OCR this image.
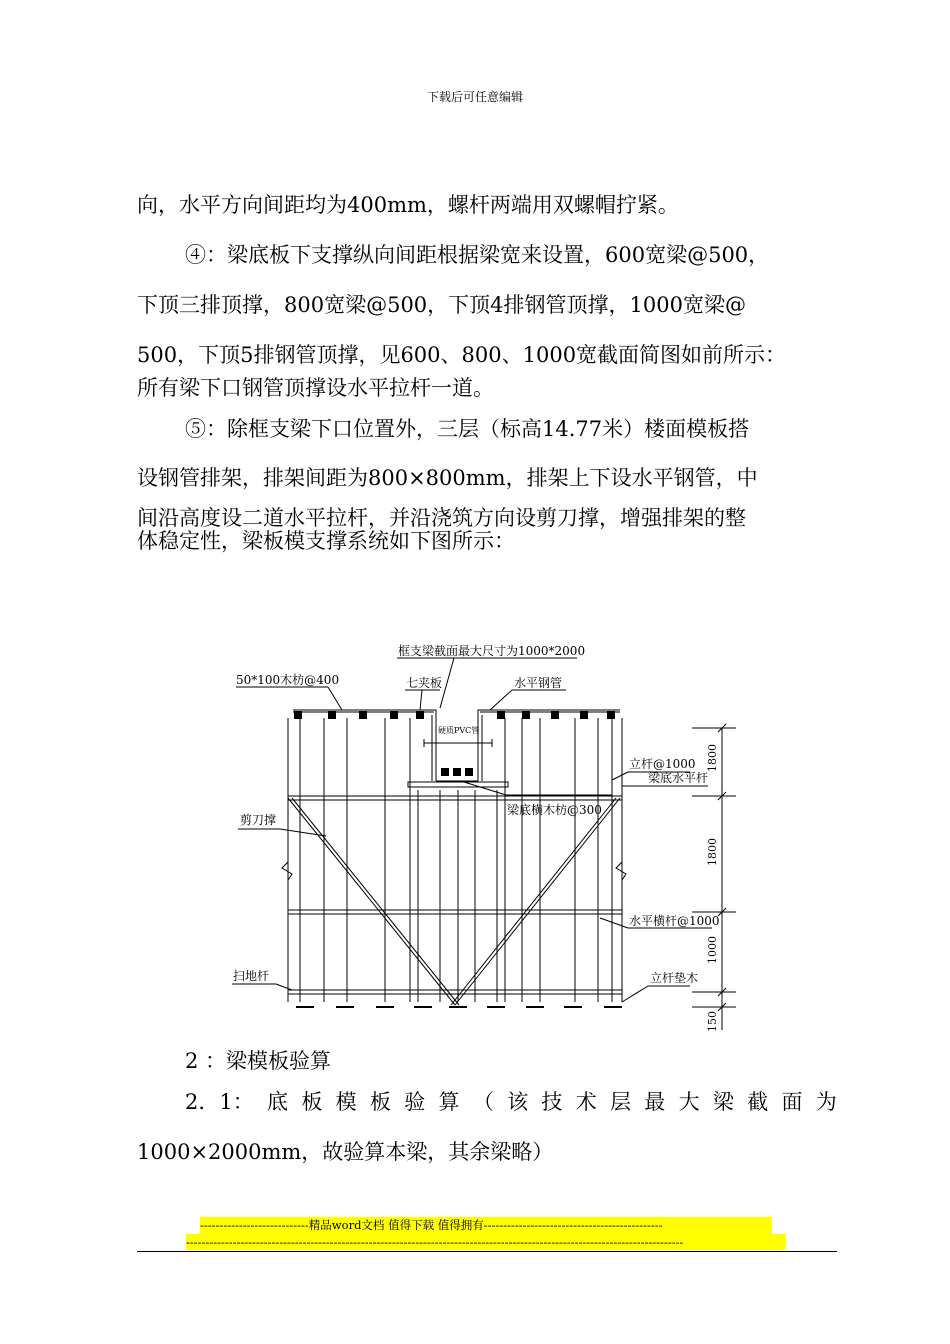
下载后可任意编辑
向，水平方向间距均为400mm，螺杆两端用双螺帽拧紧。
④：梁底板下支撑纵向间距根据梁宽来设置，600宽梁@500，
下顶三排顶撑，800宽梁@500，下顶4排钢管顶撑，1000宽梁@
500，下顶5排钢管顶撑，见600、800、1000宽截面简图如前所示：
所有梁下口钢管顶撑设水平拉杆一道。
⑤：除框支梁下口位置外，三层（标高14.77米）楼面模板搭
设钢管排架，排架间距为800×800mm，排架上下设水平钢管，中
间沿高度设二道水平拉杆，并沿浇筑方向设剪刀撑，增强排架的整
体稳定性，梁板模支撑系统如下图所示：
框支梁截面最大尺寸为1000*2000
50*100木枋@400	七夹板	水平钢管
硬质PVC管
立杆@1000
梁底水平杆
梁底横木枋@300
剪刀撑
水平横杆@1000
扫地杆	立杆垫木
1800
1800
1000
150
2 ：梁模板验算
2．1： 底 板 模 板 验 算 （ 该 技 术 层 最 大 梁 截 面 为
1000×2000mm，故验算本梁，其余梁略）
----------------------------精品word文档 值得下载 值得拥有----------------------------------------------
--------------------------------------------------------------------------------------------------------------------------------
